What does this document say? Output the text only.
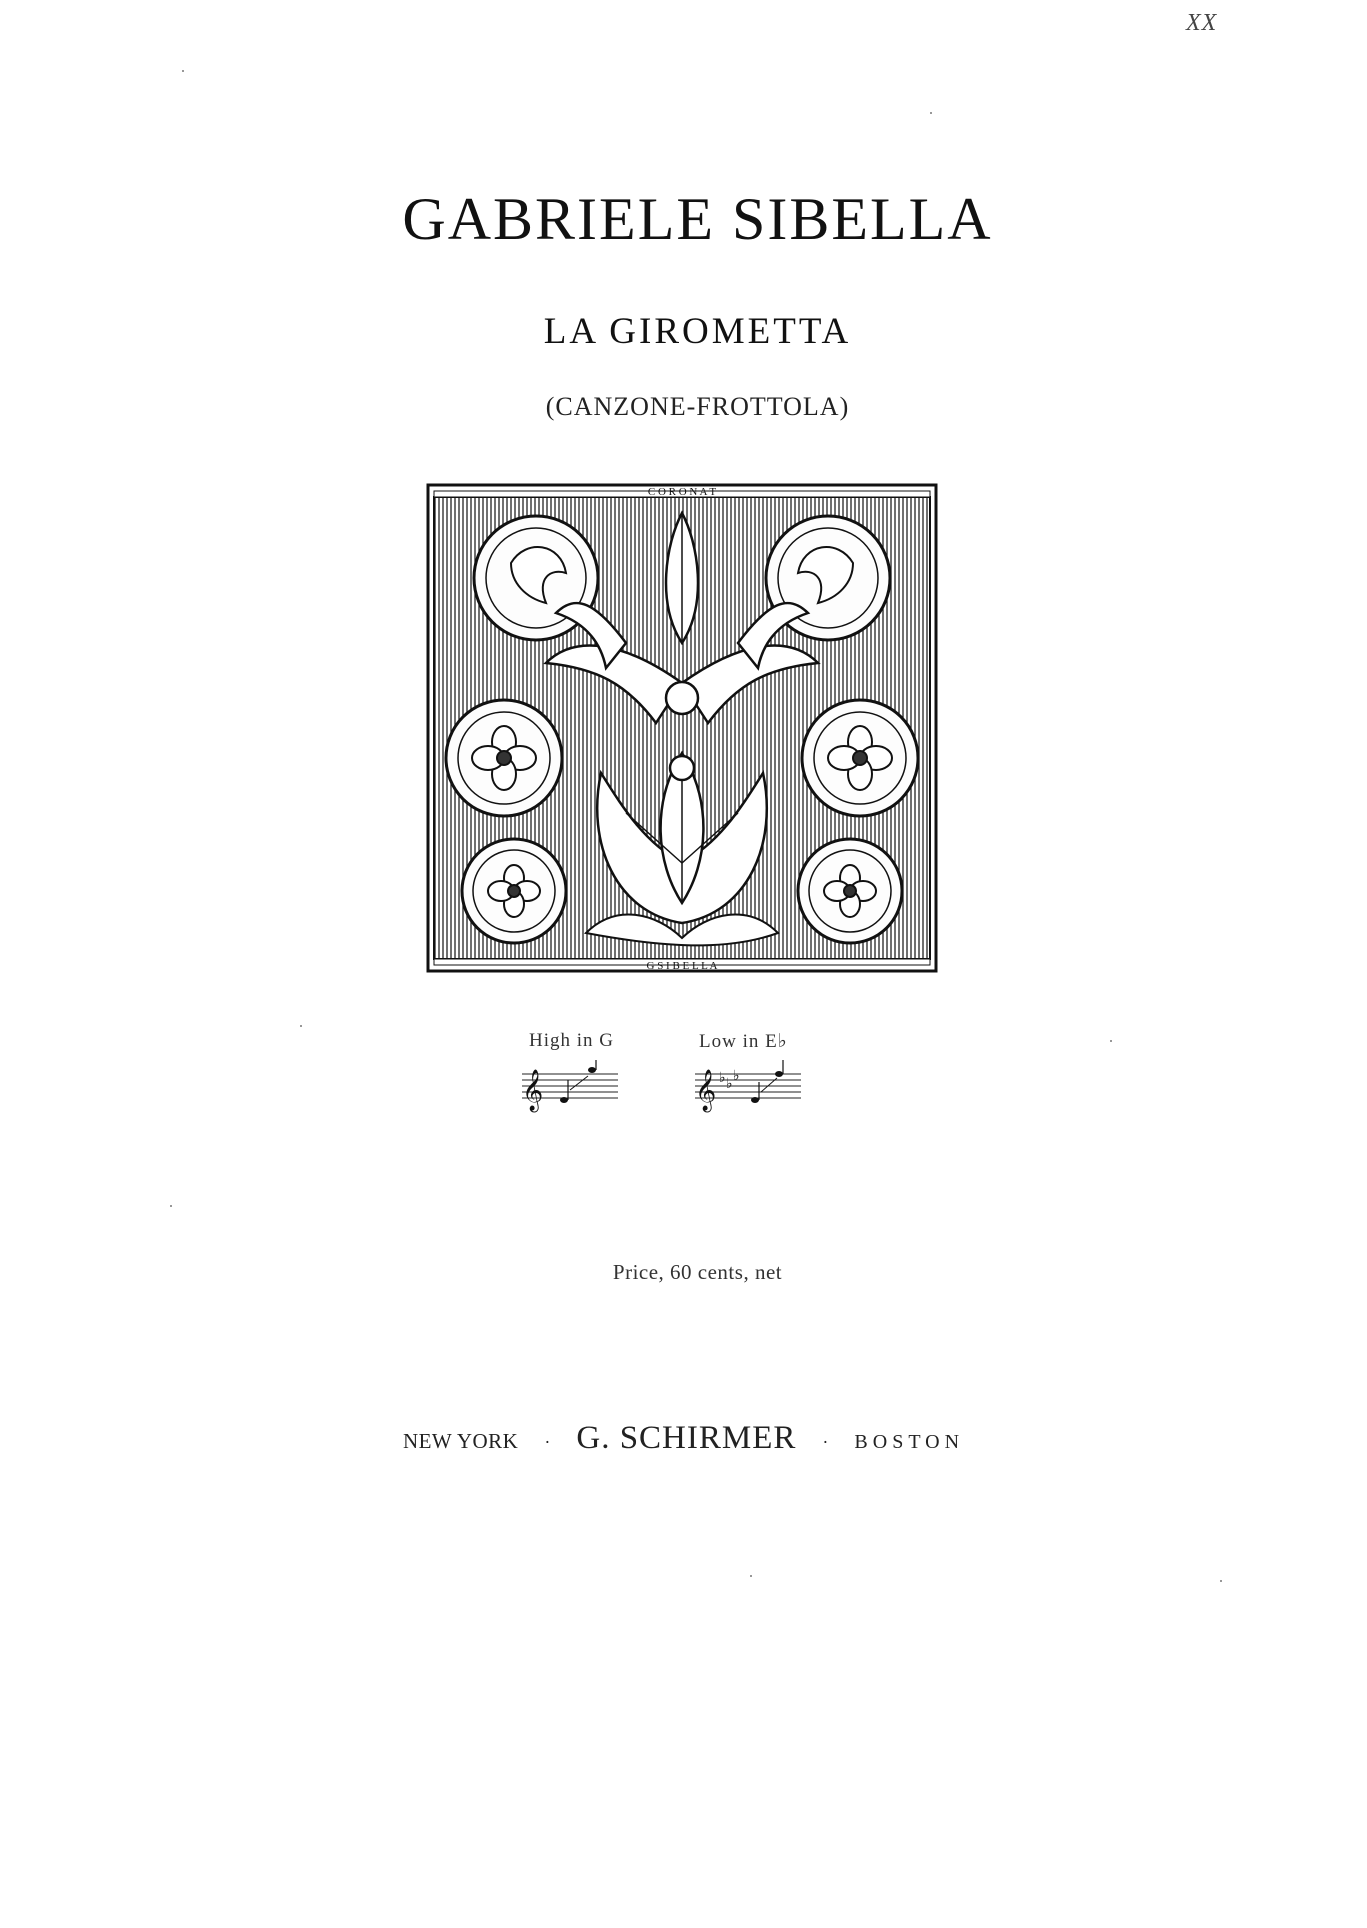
XX
GABRIELE SIBELLA
LA GIROMETTA
(CANZONE-FROTTOLA)
C O R O N A T
G S I B E L L A
High in G	Low in E♭
𝄞	𝄞 ♭ ♭ ♭
Price, 60 cents, net
NEW YORK · G. SCHIRMER · BOSTON
